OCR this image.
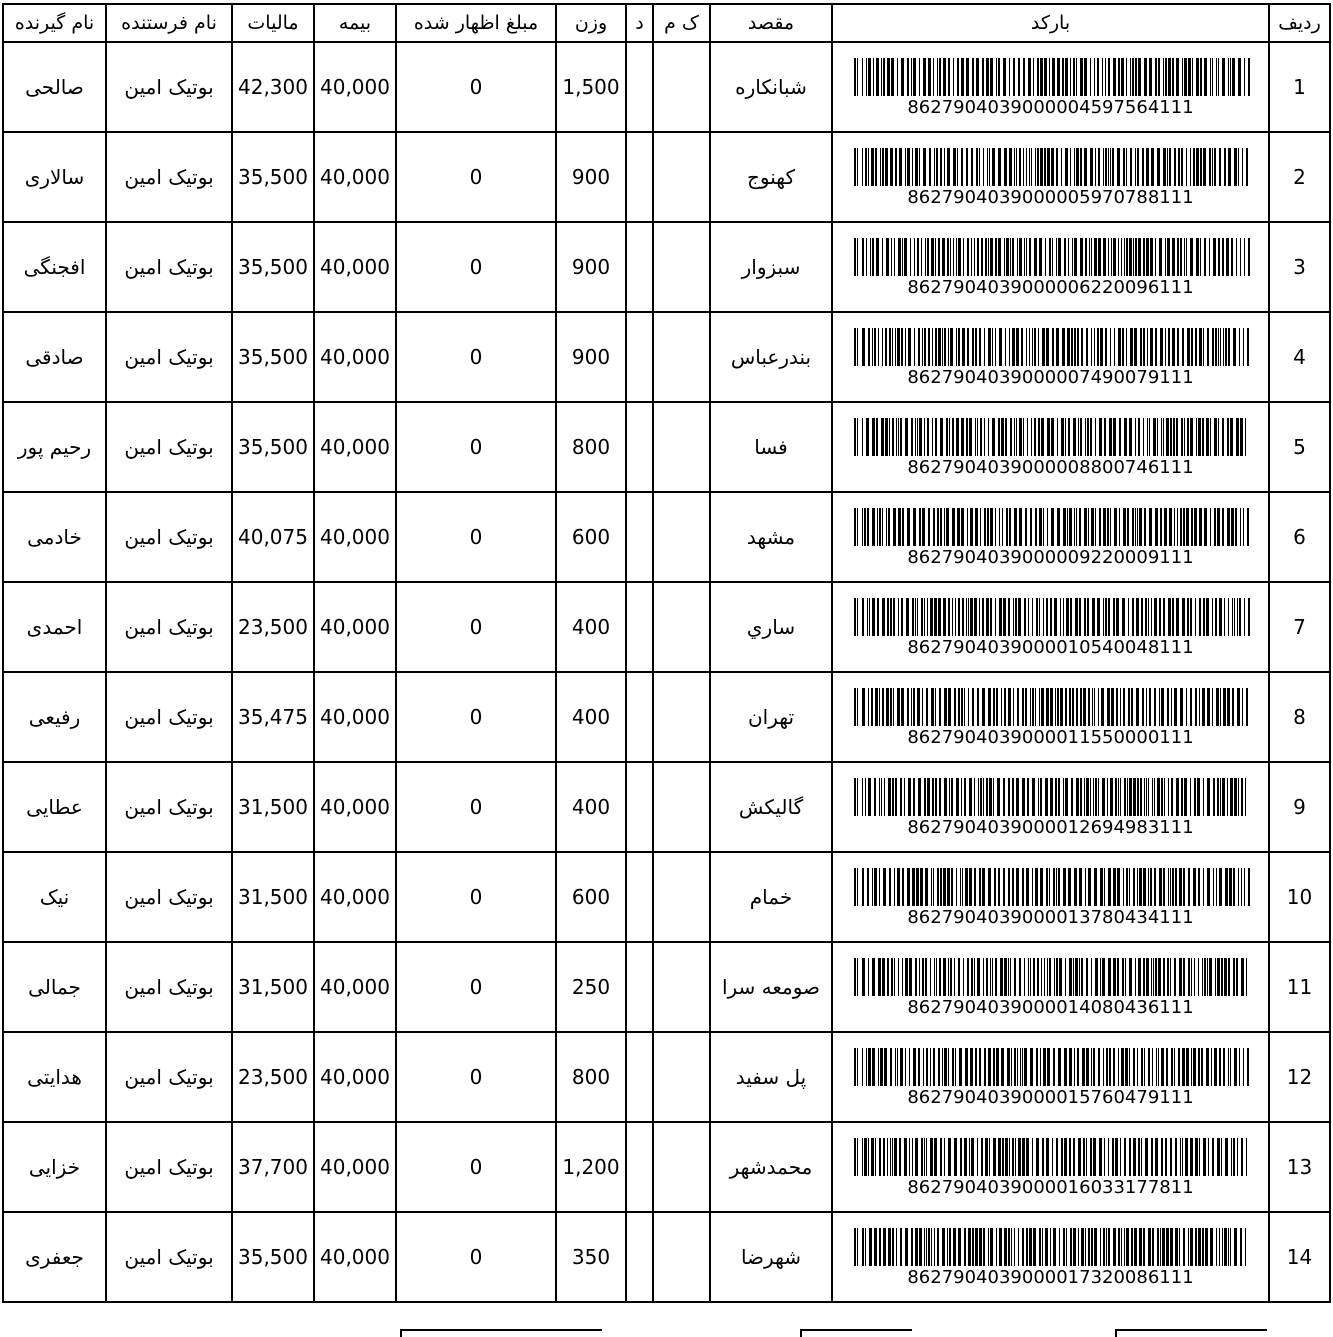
ردیف	بارکد	مقصد	ک م	د	وزن	مبلغ اظهار شده	بیمه	مالیات	نام فرستنده	نام گیرنده
1	8627904039000004597564111	شبانکاره			1,500	0	40,000	42,300	بوتیک امین	صالحی
2	8627904039000005970788111	کهنوج			900	0	40,000	35,500	بوتیک امین	سالاری
3	8627904039000006220096111	سبزوار			900	0	40,000	35,500	بوتیک امین	افجنگی
4	8627904039000007490079111	بندرعباس			900	0	40,000	35,500	بوتیک امین	صادقی
5	8627904039000008800746111	فسا			800	0	40,000	35,500	بوتیک امین	رحیم پور
6	8627904039000009220009111	مشهد			600	0	40,000	40,075	بوتیک امین	خادمی
7	8627904039000010540048111	ساري			400	0	40,000	23,500	بوتیک امین	احمدی
8	8627904039000011550000111	تهران			400	0	40,000	35,475	بوتیک امین	رفیعی
9	8627904039000012694983111	گالیکش			400	0	40,000	31,500	بوتیک امین	عطایی
10	8627904039000013780434111	خمام			600	0	40,000	31,500	بوتیک امین	نیک
11	8627904039000014080436111	صومعه سرا			250	0	40,000	31,500	بوتیک امین	جمالی
12	8627904039000015760479111	پل سفید			800	0	40,000	23,500	بوتیک امین	هدایتی
13	8627904039000016033177811	محمدشهر			1,200	0	40,000	37,700	بوتیک امین	خزایی
14	8627904039000017320086111	شهرضا			350	0	40,000	35,500	بوتیک امین	جعفری
